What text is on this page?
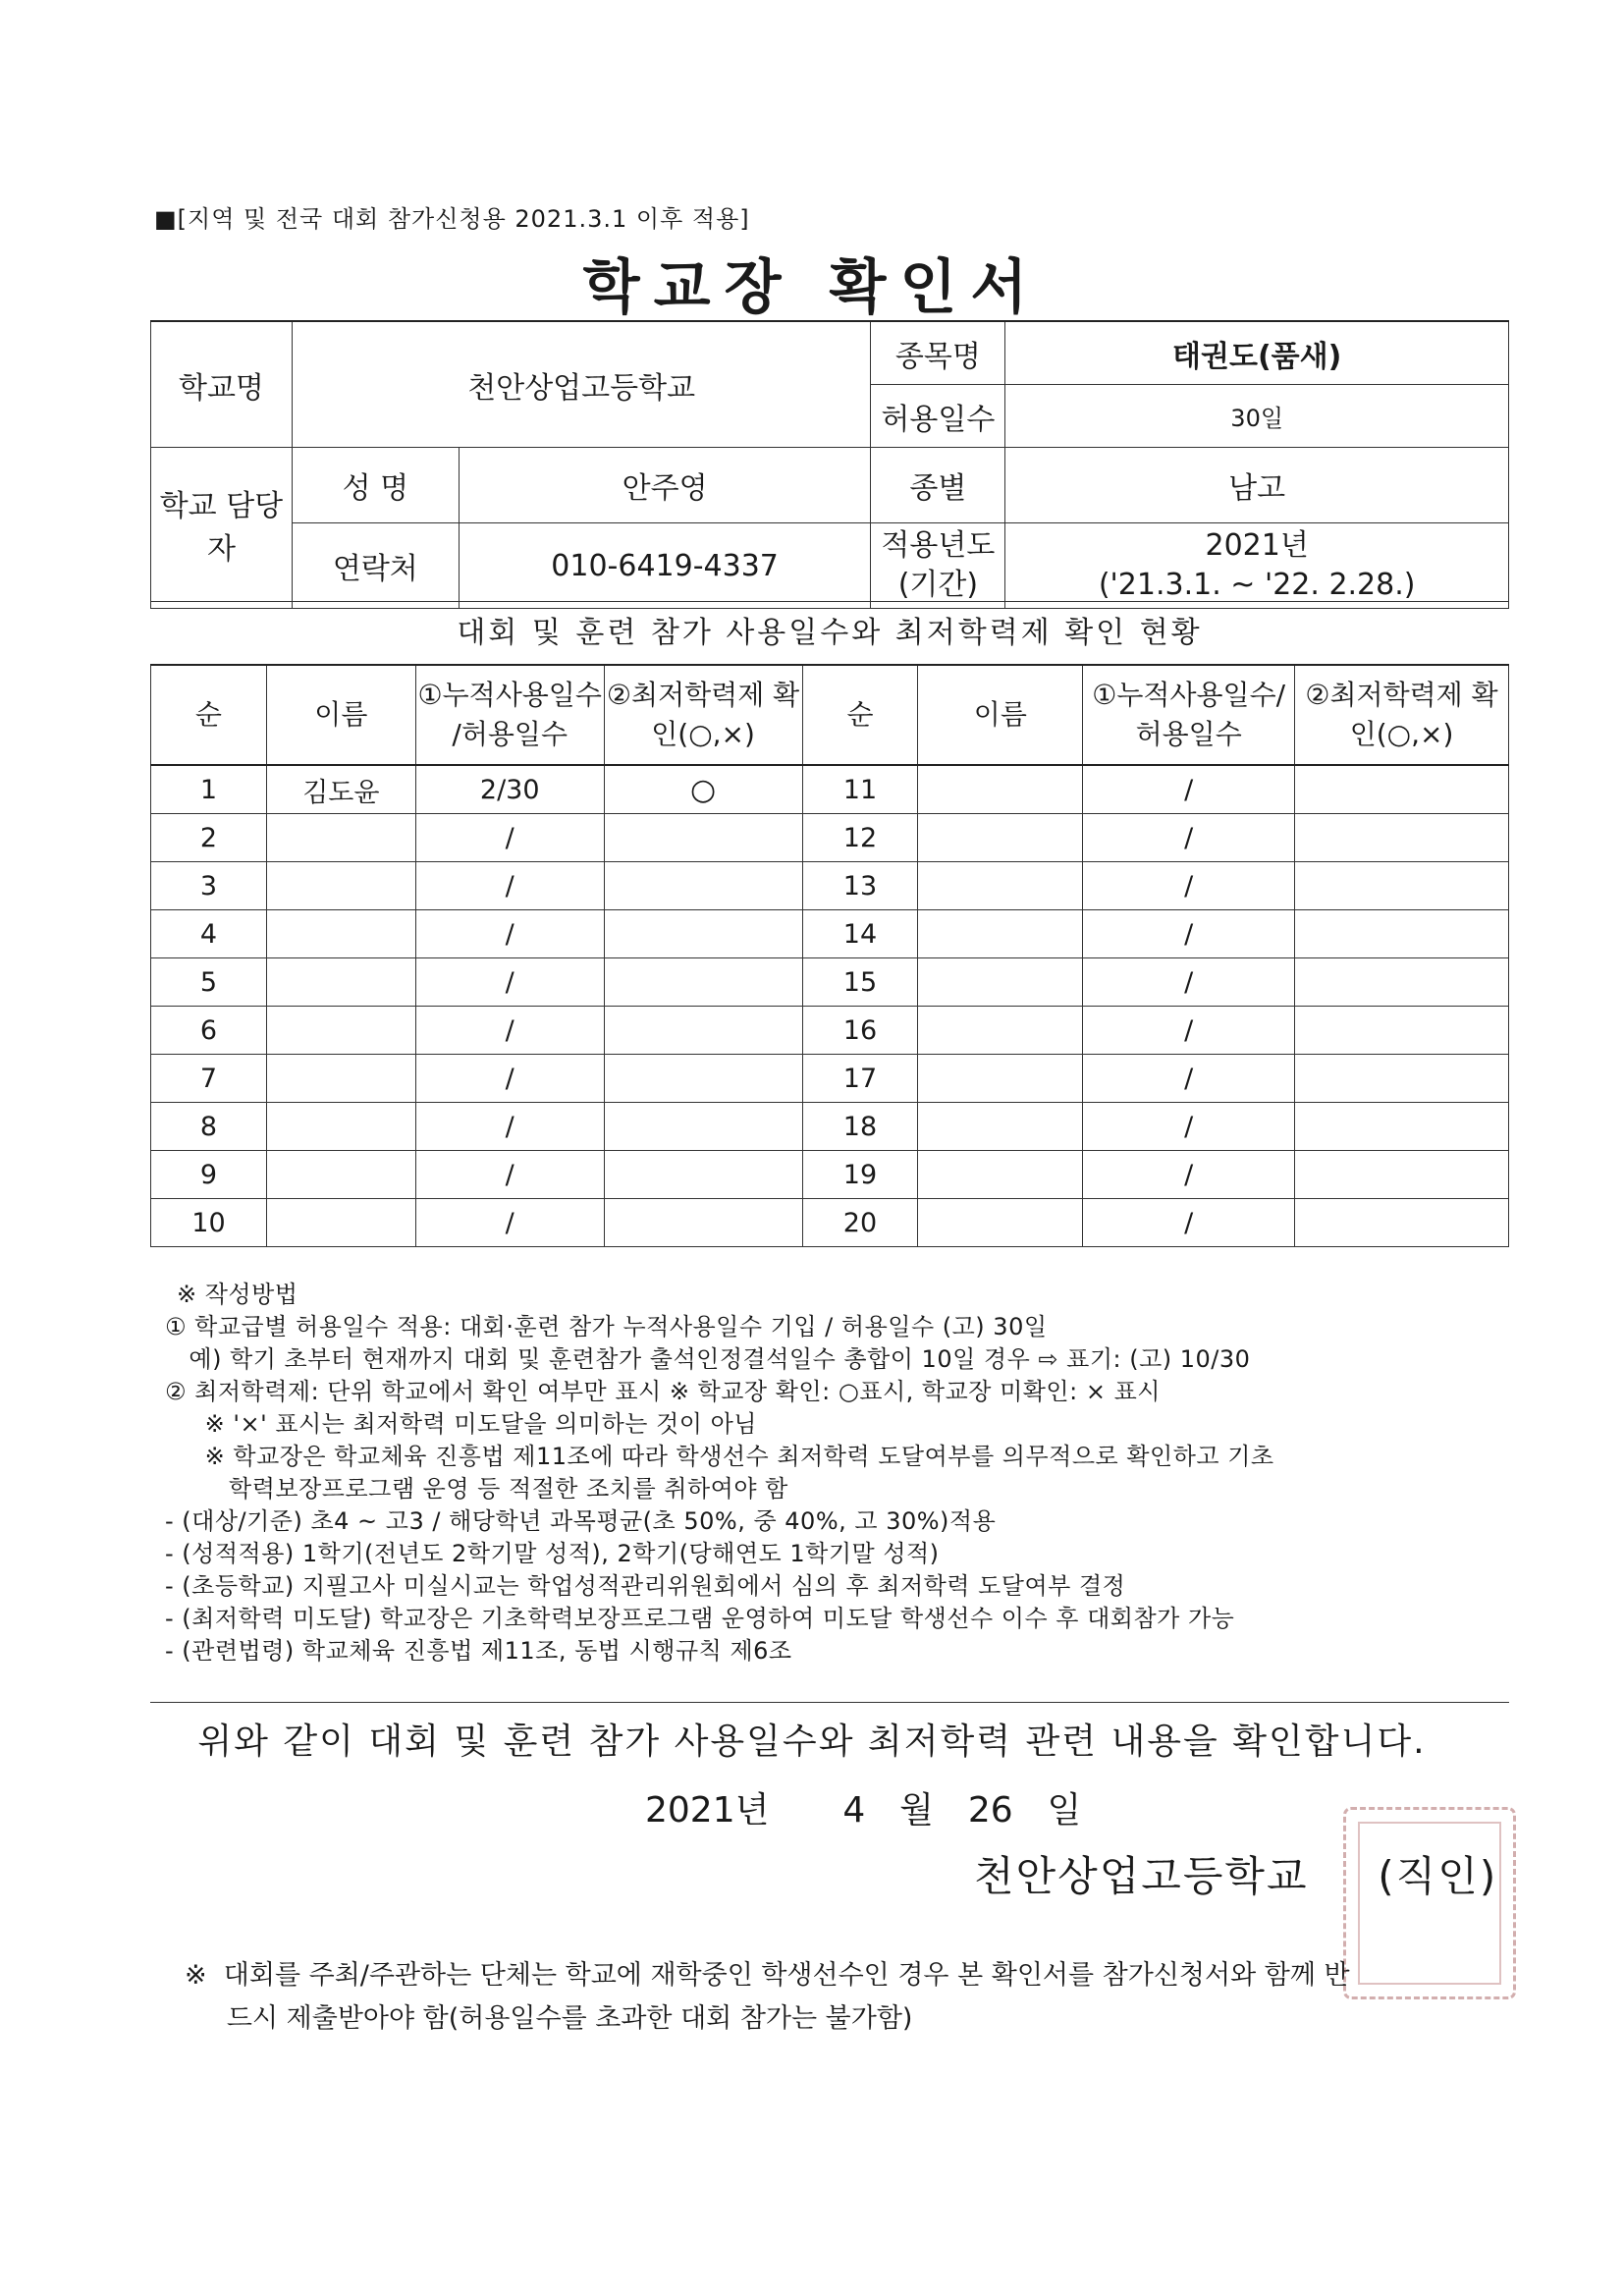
■[지역 및 전국 대회 참가신청용 2021.3.1 이후 적용]
학교장 확인서
학교명	천안상업고등학교		종목명	태권도(품새)
			허용일수	30일
학교 담당자	성 명	안주영	종별	남고
	연락처	010-6419-4337	적용년도 (기간)	2021년
('21.3.1. ~ '22. 2.28.)
대회 및 훈련 참가 사용일수와 최저학력제 확인 현황
순	이름	①누적사용일수 /허용일수	②최저학력제 확인(○,×)	순	이름	①누적사용일수/ 허용일수	②최저학력제 확인(○,×)
1	김도윤	2/30	○	11		/	
2		/		12		/	
3		/		13		/	
4		/		14		/	
5		/		15		/	
6		/		16		/	
7		/		17		/	
8		/		18		/	
9		/		19		/	
10		/		20		/	
※ 작성방법
① 학교급별 허용일수 적용: 대회·훈련 참가 누적사용일수 기입 / 허용일수 (고) 30일
예) 학기 초부터 현재까지 대회 및 훈련참가 출석인정결석일수 총합이 10일 경우 ⇨ 표기: (고) 10/30
② 최저학력제: 단위 학교에서 확인 여부만 표시 ※ 학교장 확인: ○표시, 학교장 미확인: × 표시
※ '×' 표시는 최저학력 미도달을 의미하는 것이 아님
※ 학교장은 학교체육 진흥법 제11조에 따라 학생선수 최저학력 도달여부를 의무적으로 확인하고 기초
학력보장프로그램 운영 등 적절한 조치를 취하여야 함
- (대상/기준) 초4 ~ 고3 / 해당학년 과목평균(초 50%, 중 40%, 고 30%)적용
- (성적적용) 1학기(전년도 2학기말 성적), 2학기(당해연도 1학기말 성적)
- (초등학교) 지필고사 미실시교는 학업성적관리위원회에서 심의 후 최저학력 도달여부 결정
- (최저학력 미도달) 학교장은 기초학력보장프로그램 운영하여 미도달 학생선수 이수 후 대회참가 가능
- (관련법령) 학교체육 진흥법 제11조, 동법 시행규칙 제6조
위와 같이 대회 및 훈련 참가 사용일수와 최저학력 관련 내용을 확인합니다.
2021년 4 월 26 일
천안상업고등학교 (직인)
※  대회를 주최/주관하는 단체는 학교에 재학중인 학생선수인 경우 본 확인서를 참가신청서와 함께 반
드시 제출받아야 함(허용일수를 초과한 대회 참가는 불가함)
